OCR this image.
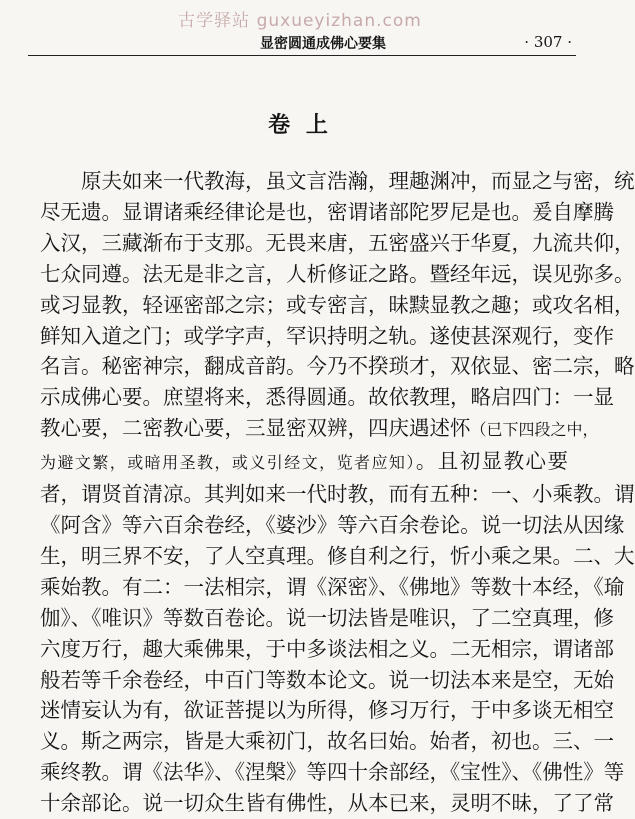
古学驿站 guxueyizhan.com
显密圆通成佛心要集	· 307 ·
卷 上
原夫如来一代教海，虽文言浩瀚，理趣渊冲，而显之与密，统
尽无遗。显谓诸乘经律论是也，密谓诸部陀罗尼是也。爰自摩腾
入汉，三藏渐布于支那。无畏来唐，五密盛兴于华夏，九流共仰，
七众同遵。法无是非之言，人析修证之路。暨经年远，误见弥多。
或习显教，轻诬密部之宗；或专密言，昧黩显教之趣；或攻名相，
鲜知入道之门；或学字声，罕识持明之轨。遂使甚深观行，变作
名言。秘密神宗，翻成音韵。今乃不揆琐才，双依显、密二宗，略
示成佛心要。庶望将来，悉得圆通。故依教理，略启四门：一显
教心要，二密教心要，三显密双辨，四庆遇述怀（已下四段之中，
为避文繁，或暗用圣教，或义引经文，览者应知）。且初显教心要
者，谓贤首清凉。其判如来一代时教，而有五种：一、小乘教。谓
《阿含》等六百余卷经，《婆沙》等六百余卷论。说一切法从因缘
生，明三界不安，了人空真理。修自利之行，忻小乘之果。二、大
乘始教。有二：一法相宗，谓《深密》、《佛地》等数十本经，《瑜
伽》、《唯识》等数百卷论。说一切法皆是唯识，了二空真理，修
六度万行，趣大乘佛果，于中多谈法相之义。二无相宗，谓诸部
般若等千余卷经，中百门等数本论文。说一切法本来是空，无始
迷情妄认为有，欲证菩提以为所得，修习万行，于中多谈无相空
义。斯之两宗，皆是大乘初门，故名曰始。始者，初也。三、一
乘终教。谓《法华》、《涅槃》等四十余部经，《宝性》、《佛性》等
十余部论。说一切众生皆有佛性，从本已来，灵明不昧，了了常
